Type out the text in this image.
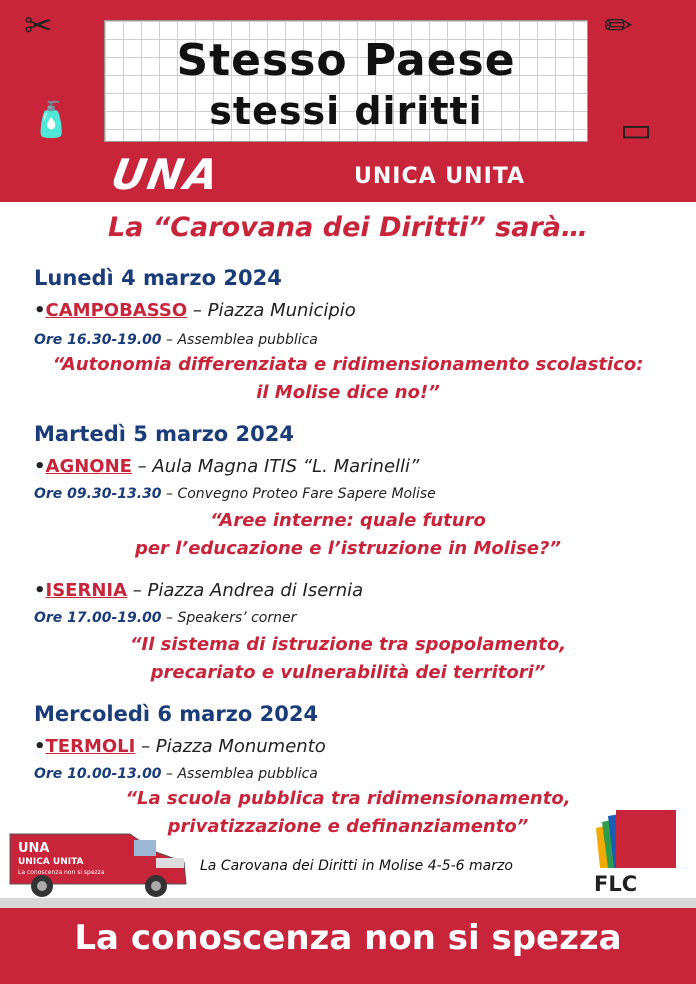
✂
🧴
✏
▭
Stesso Paese
stessi diritti
UNA	UNICA UNITA
La “Carovana dei Diritti” sarà…
Lunedì 4 marzo 2024
•CAMPOBASSO – Piazza Municipio
Ore 16.30-19.00 – Assemblea pubblica
“Autonomia differenziata e ridimensionamento scolastico:
il Molise dice no!”
Martedì 5 marzo 2024
•AGNONE – Aula Magna ITIS “L. Marinelli”
Ore 09.30-13.30 – Convegno Proteo Fare Sapere Molise
“Aree interne: quale futuro
per l’educazione e l’istruzione in Molise?”
•ISERNIA – Piazza Andrea di Isernia
Ore 17.00-19.00 – Speakers’ corner
“Il sistema di istruzione tra spopolamento,
precariato e vulnerabilità dei territori”
Mercoledì 6 marzo 2024
•TERMOLI – Piazza Monumento
Ore 10.00-13.00 – Assemblea pubblica
“La scuola pubblica tra ridimensionamento,
privatizzazione e definanziamento”
UNA
UNICA UNITA
La conoscenza non si spezza	La Carovana dei Diritti in Molise 4-5-6 marzo
FLC
La conoscenza non si spezza
